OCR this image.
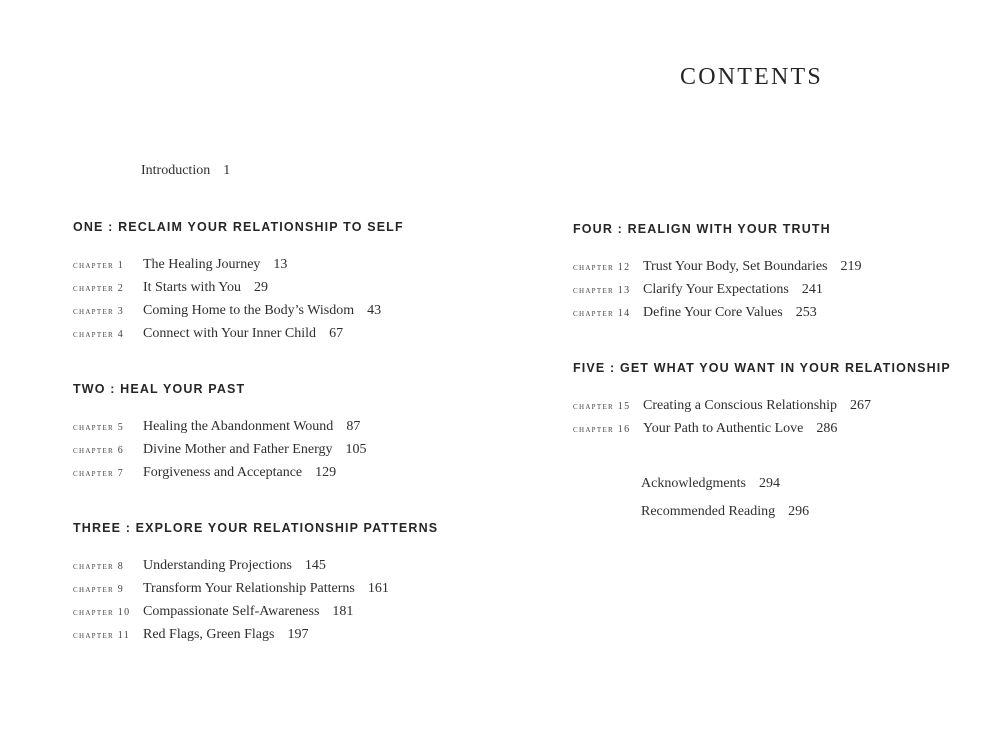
CONTENTS
Introduction 1
ONE : RECLAIM YOUR RELATIONSHIP TO SELF
chapter 1 The Healing Journey 13
chapter 2 It Starts with You 29
chapter 3 Coming Home to the Body’s Wisdom 43
chapter 4 Connect with Your Inner Child 67
TWO : HEAL YOUR PAST
chapter 5 Healing the Abandonment Wound 87
chapter 6 Divine Mother and Father Energy 105
chapter 7 Forgiveness and Acceptance 129
THREE : EXPLORE YOUR RELATIONSHIP PATTERNS
chapter 8 Understanding Projections 145
chapter 9 Transform Your Relationship Patterns 161
chapter 10 Compassionate Self-Awareness 181
chapter 11 Red Flags, Green Flags 197
FOUR : REALIGN WITH YOUR TRUTH
chapter 12 Trust Your Body, Set Boundaries 219
chapter 13 Clarify Your Expectations 241
chapter 14 Define Your Core Values 253
FIVE : GET WHAT YOU WANT IN YOUR RELATIONSHIP
chapter 15 Creating a Conscious Relationship 267
chapter 16 Your Path to Authentic Love 286
Acknowledgments 294
Recommended Reading 296
